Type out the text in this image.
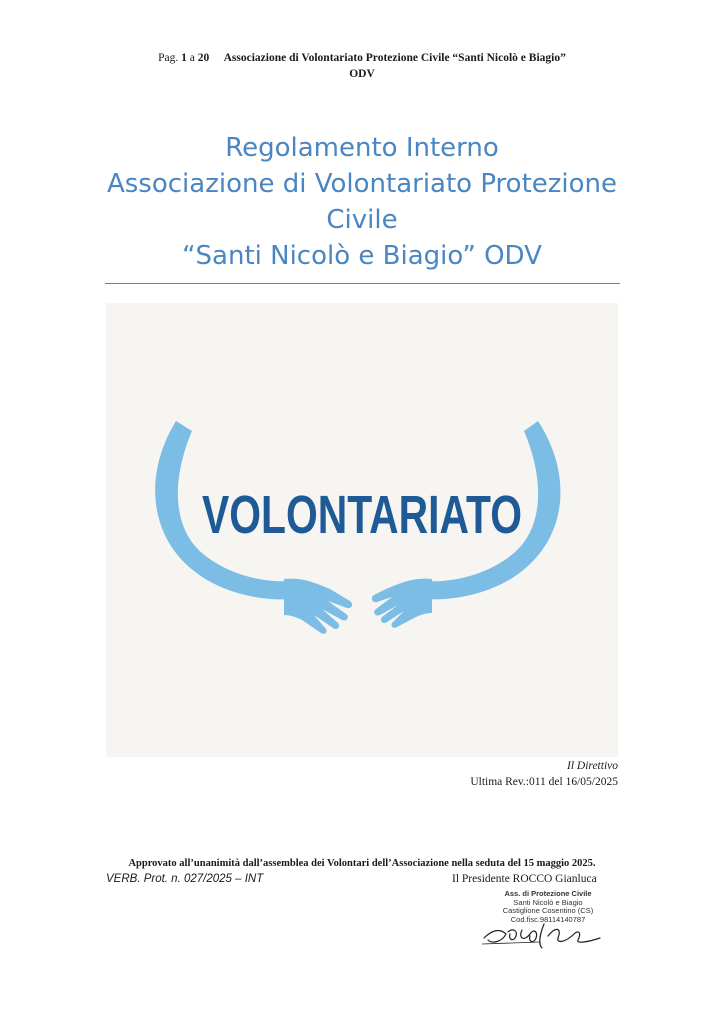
Pag. 1 a 20 Associazione di Volontariato Protezione Civile “Santi Nicolò e Biagio”
ODV
Regolamento Interno
Associazione di Volontariato Protezione
Civile
“Santi Nicolò e Biagio” ODV
VOLONTARIATO
Il Direttivo
Ultima Rev.:011 del 16/05/2025
Approvato all’unanimità dall’assemblea dei Volontari dell’Associazione nella seduta del 15 maggio 2025.
VERB. Prot. n. 027/2025 – INT	Il Presidente ROCCO Gianluca
Ass. di Protezione Civile
Santi Nicolò e Biagio
Castiglione Cosentino (CS)
Cod.fisc.98114140787
